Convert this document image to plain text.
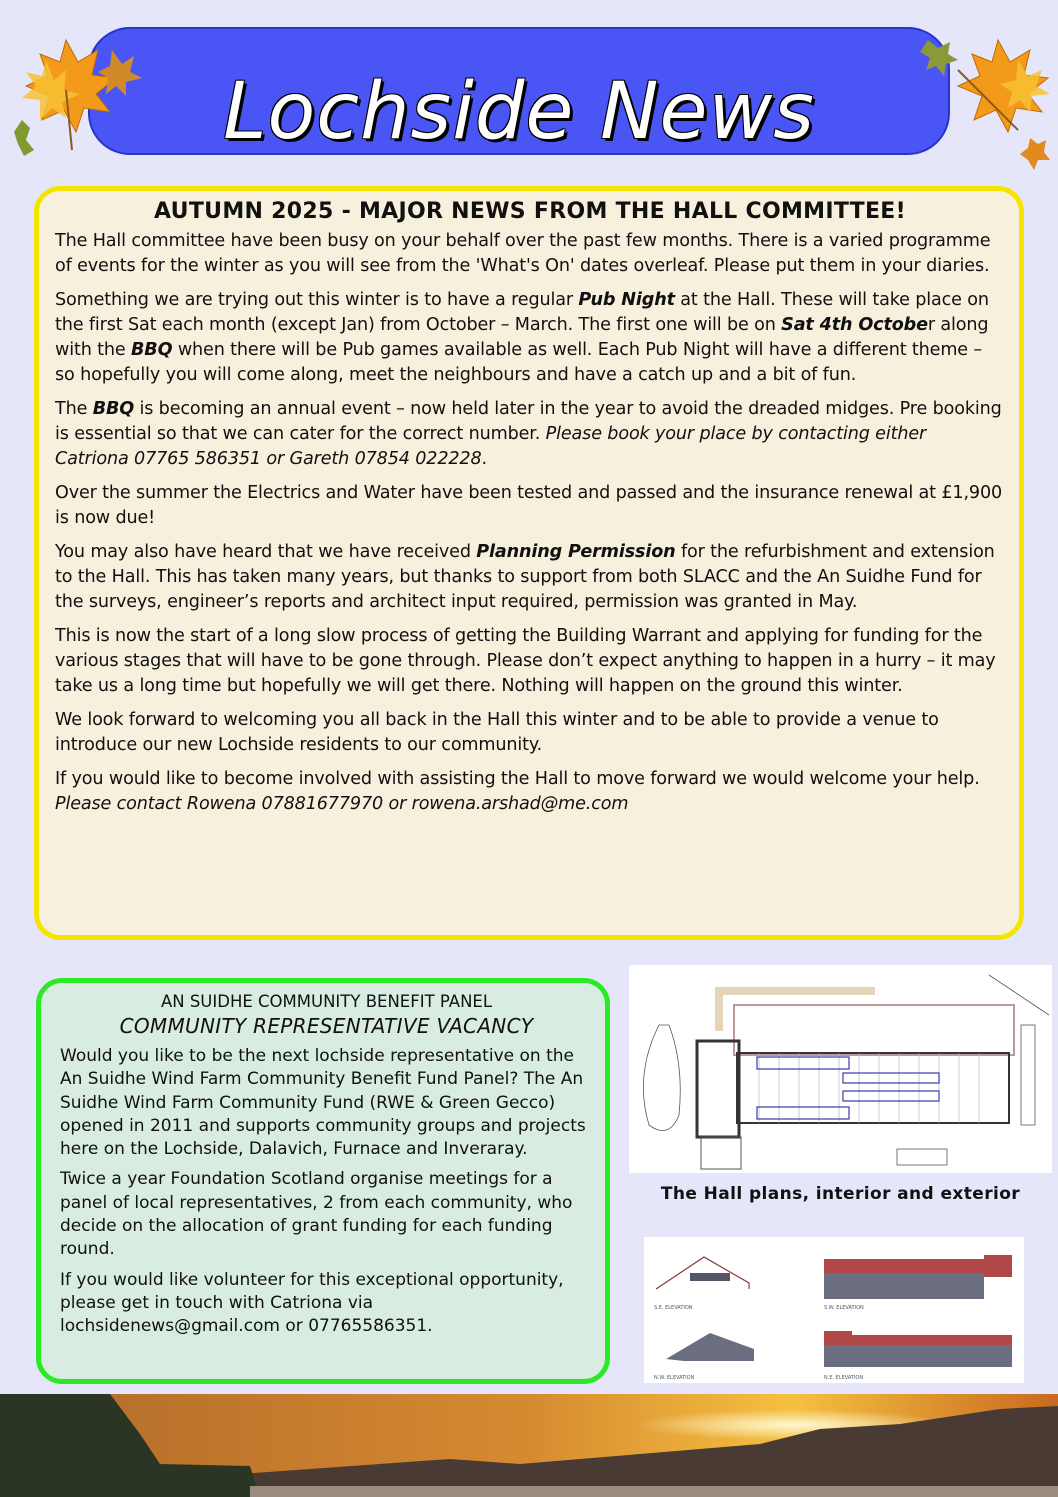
Lochside News
AUTUMN 2025 - MAJOR NEWS FROM THE HALL COMMITTEE!

The Hall committee have been busy on your behalf over the past few months. There is a varied programme of events for the winter as you will see from the 'What's On' dates overleaf. Please put them in your diaries.

Something we are trying out this winter is to have a regular Pub Night at the Hall. These will take place on the first Sat each month (except Jan) from October – March. The first one will be on Sat 4th October along with the BBQ when there will be Pub games available as well. Each Pub Night will have a different theme – so hopefully you will come along, meet the neighbours and have a catch up and a bit of fun.

The BBQ is becoming an annual event – now held later in the year to avoid the dreaded midges. Pre booking is essential so that we can cater for the correct number. Please book your place by contacting either Catriona 07765 586351 or Gareth 07854 022228.

Over the summer the Electrics and Water have been tested and passed and the insurance renewal at £1,900 is now due!

You may also have heard that we have received Planning Permission for the refurbishment and extension to the Hall. This has taken many years, but thanks to support from both SLACC and the An Suidhe Fund for the surveys, engineer’s reports and architect input required, permission was granted in May.

This is now the start of a long slow process of getting the Building Warrant and applying for funding for the various stages that will have to be gone through. Please don’t expect anything to happen in a hurry – it may take us a long time but hopefully we will get there. Nothing will happen on the ground this winter.

We look forward to welcoming you all back in the Hall this winter and to be able to provide a venue to introduce our new Lochside residents to our community.

If you would like to become involved with assisting the Hall to move forward we would welcome your help. Please contact Rowena 07881677970 or rowena.arshad@me.com

AN SUIDHE COMMUNITY BENEFIT PANEL
COMMUNITY REPRESENTATIVE VACANCY

Would you like to be the next lochside representative on the An Suidhe Wind Farm Community Benefit Fund Panel? The An Suidhe Wind Farm Community Fund (RWE & Green Gecco) opened in 2011 and supports community groups and projects here on the Lochside, Dalavich, Furnace and Inveraray.

Twice a year Foundation Scotland organise meetings for a panel of local representatives, 2 from each community, who decide on the allocation of grant funding for each funding round.

If you would like volunteer for this exceptional opportunity, please get in touch with Catriona via lochsidenews@gmail.com or 07765586351.

The Hall plans, interior and exterior
S.E. ELEVATION	S.W. ELEVATION
N.W. ELEVATION	N.E. ELEVATION
